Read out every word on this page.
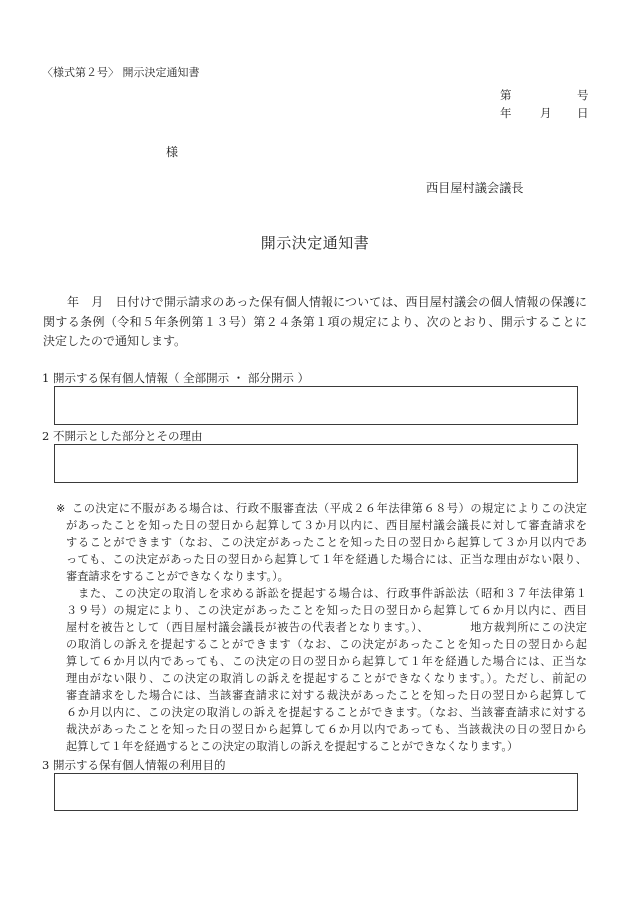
〈様式第２号〉 開示決定通知書
第	号
年 月 日
様
西目屋村議会議長
開示決定通知書
年　月　日付けで開示請求のあった保有個人情報については、西目屋村議会の個人情報の保護に
関する条例（令和５年条例第１３号）第２４条第１項の規定により、次のとおり、開示することに
決定したので通知します。
1 開示する保有個人情報（ 全部開示 ・ 部分開示 ）
2 不開示とした部分とその理由
※ この決定に不服がある場合は、行政不服審査法（平成２６年法律第６８号）の規定によりこの決定
があったことを知った日の翌日から起算して３か月以内に、西目屋村議会議長に対して審査請求を
することができます（なお、この決定があったことを知った日の翌日から起算して３か月以内であ
っても、この決定があった日の翌日から起算して１年を経過した場合には、正当な理由がない限り、
審査請求をすることができなくなります。）。
また、この決定の取消しを求める訴訟を提起する場合は、行政事件訴訟法（昭和３７年法律第１
３９号）の規定により、この決定があったことを知った日の翌日から起算して６か月以内に、西目
屋村を被告として（西目屋村議会議長が被告の代表者となります。）、　　　　地方裁判所にこの決定
の取消しの訴えを提起することができます（なお、この決定があったことを知った日の翌日から起
算して６か月以内であっても、この決定の日の翌日から起算して１年を経過した場合には、正当な
理由がない限り、この決定の取消しの訴えを提起することができなくなります。）。ただし、前記の
審査請求をした場合には、当該審査請求に対する裁決があったことを知った日の翌日から起算して
６か月以内に、この決定の取消しの訴えを提起することができます。（なお、当該審査請求に対する
裁決があったことを知った日の翌日から起算して６か月以内であっても、当該裁決の日の翌日から
起算して１年を経過するとこの決定の取消しの訴えを提起することができなくなります。）
3 開示する保有個人情報の利用目的
